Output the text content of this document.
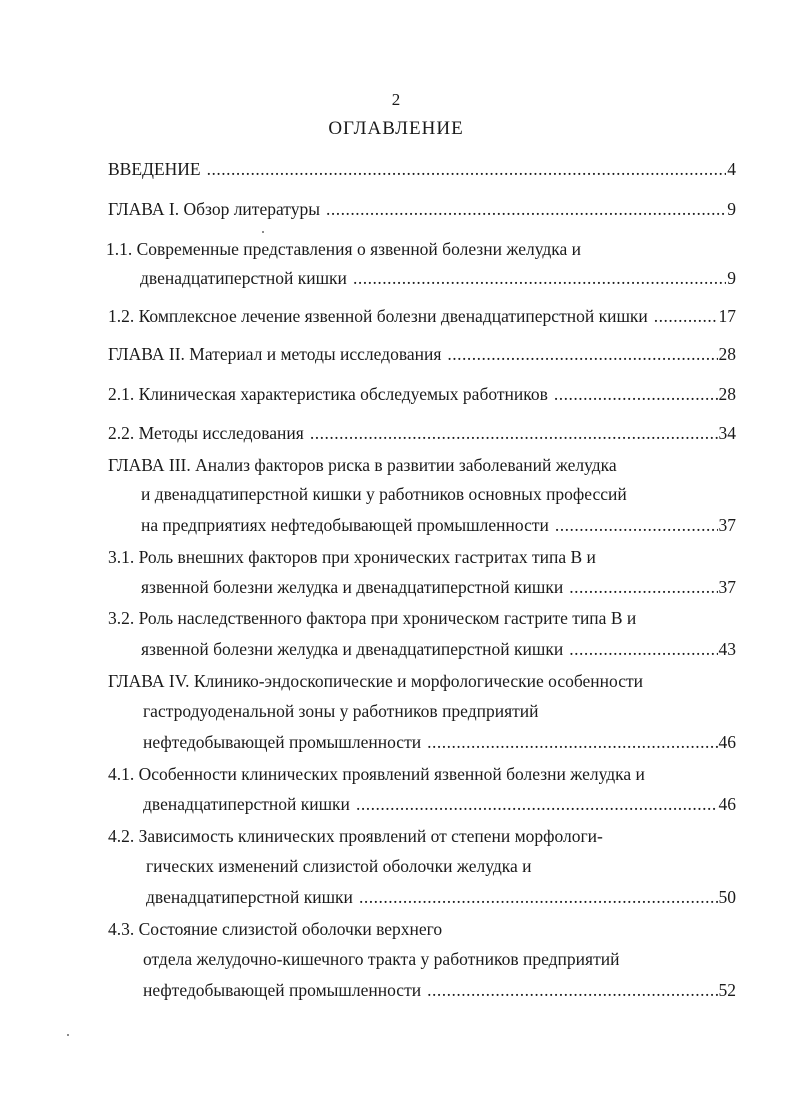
2
ОГЛАВЛЕНИЕ
ВВЕДЕНИЕ .....	4
ГЛАВА I. Обзор литературы .....	9
1.1. Современные представления о язвенной болезни желудка и
двенадцатиперстной кишки .....	9
1.2. Комплексное лечение язвенной болезни двенадцатиперстной кишки .....	17
ГЛАВА II. Материал и методы исследования .....	28
2.1. Клиническая характеристика обследуемых работников .....	28
2.2. Методы исследования .....	34
ГЛАВА III. Анализ факторов риска в развитии заболеваний желудка
и двенадцатиперстной кишки у работников основных профессий
на предприятиях нефтедобывающей промышленности .....	37
3.1. Роль внешних факторов при хронических гастритах типа В и
язвенной болезни желудка и двенадцатиперстной кишки .....	37
3.2. Роль наследственного фактора при хроническом гастрите типа В и
язвенной болезни желудка и двенадцатиперстной кишки .....	43
ГЛАВА IV. Клинико-эндоскопические и морфологические особенности
гастродуоденальной зоны у работников предприятий
нефтедобывающей промышленности .....	46
4.1. Особенности клинических проявлений язвенной болезни желудка и
двенадцатиперстной кишки .....	46
4.2. Зависимость клинических проявлений от степени морфологи-
гических изменений слизистой оболочки желудка и
двенадцатиперстной кишки .....	50
4.3. Состояние слизистой оболочки верхнего
отдела желудочно-кишечного тракта у работников предприятий
нефтедобывающей промышленности .....	52
